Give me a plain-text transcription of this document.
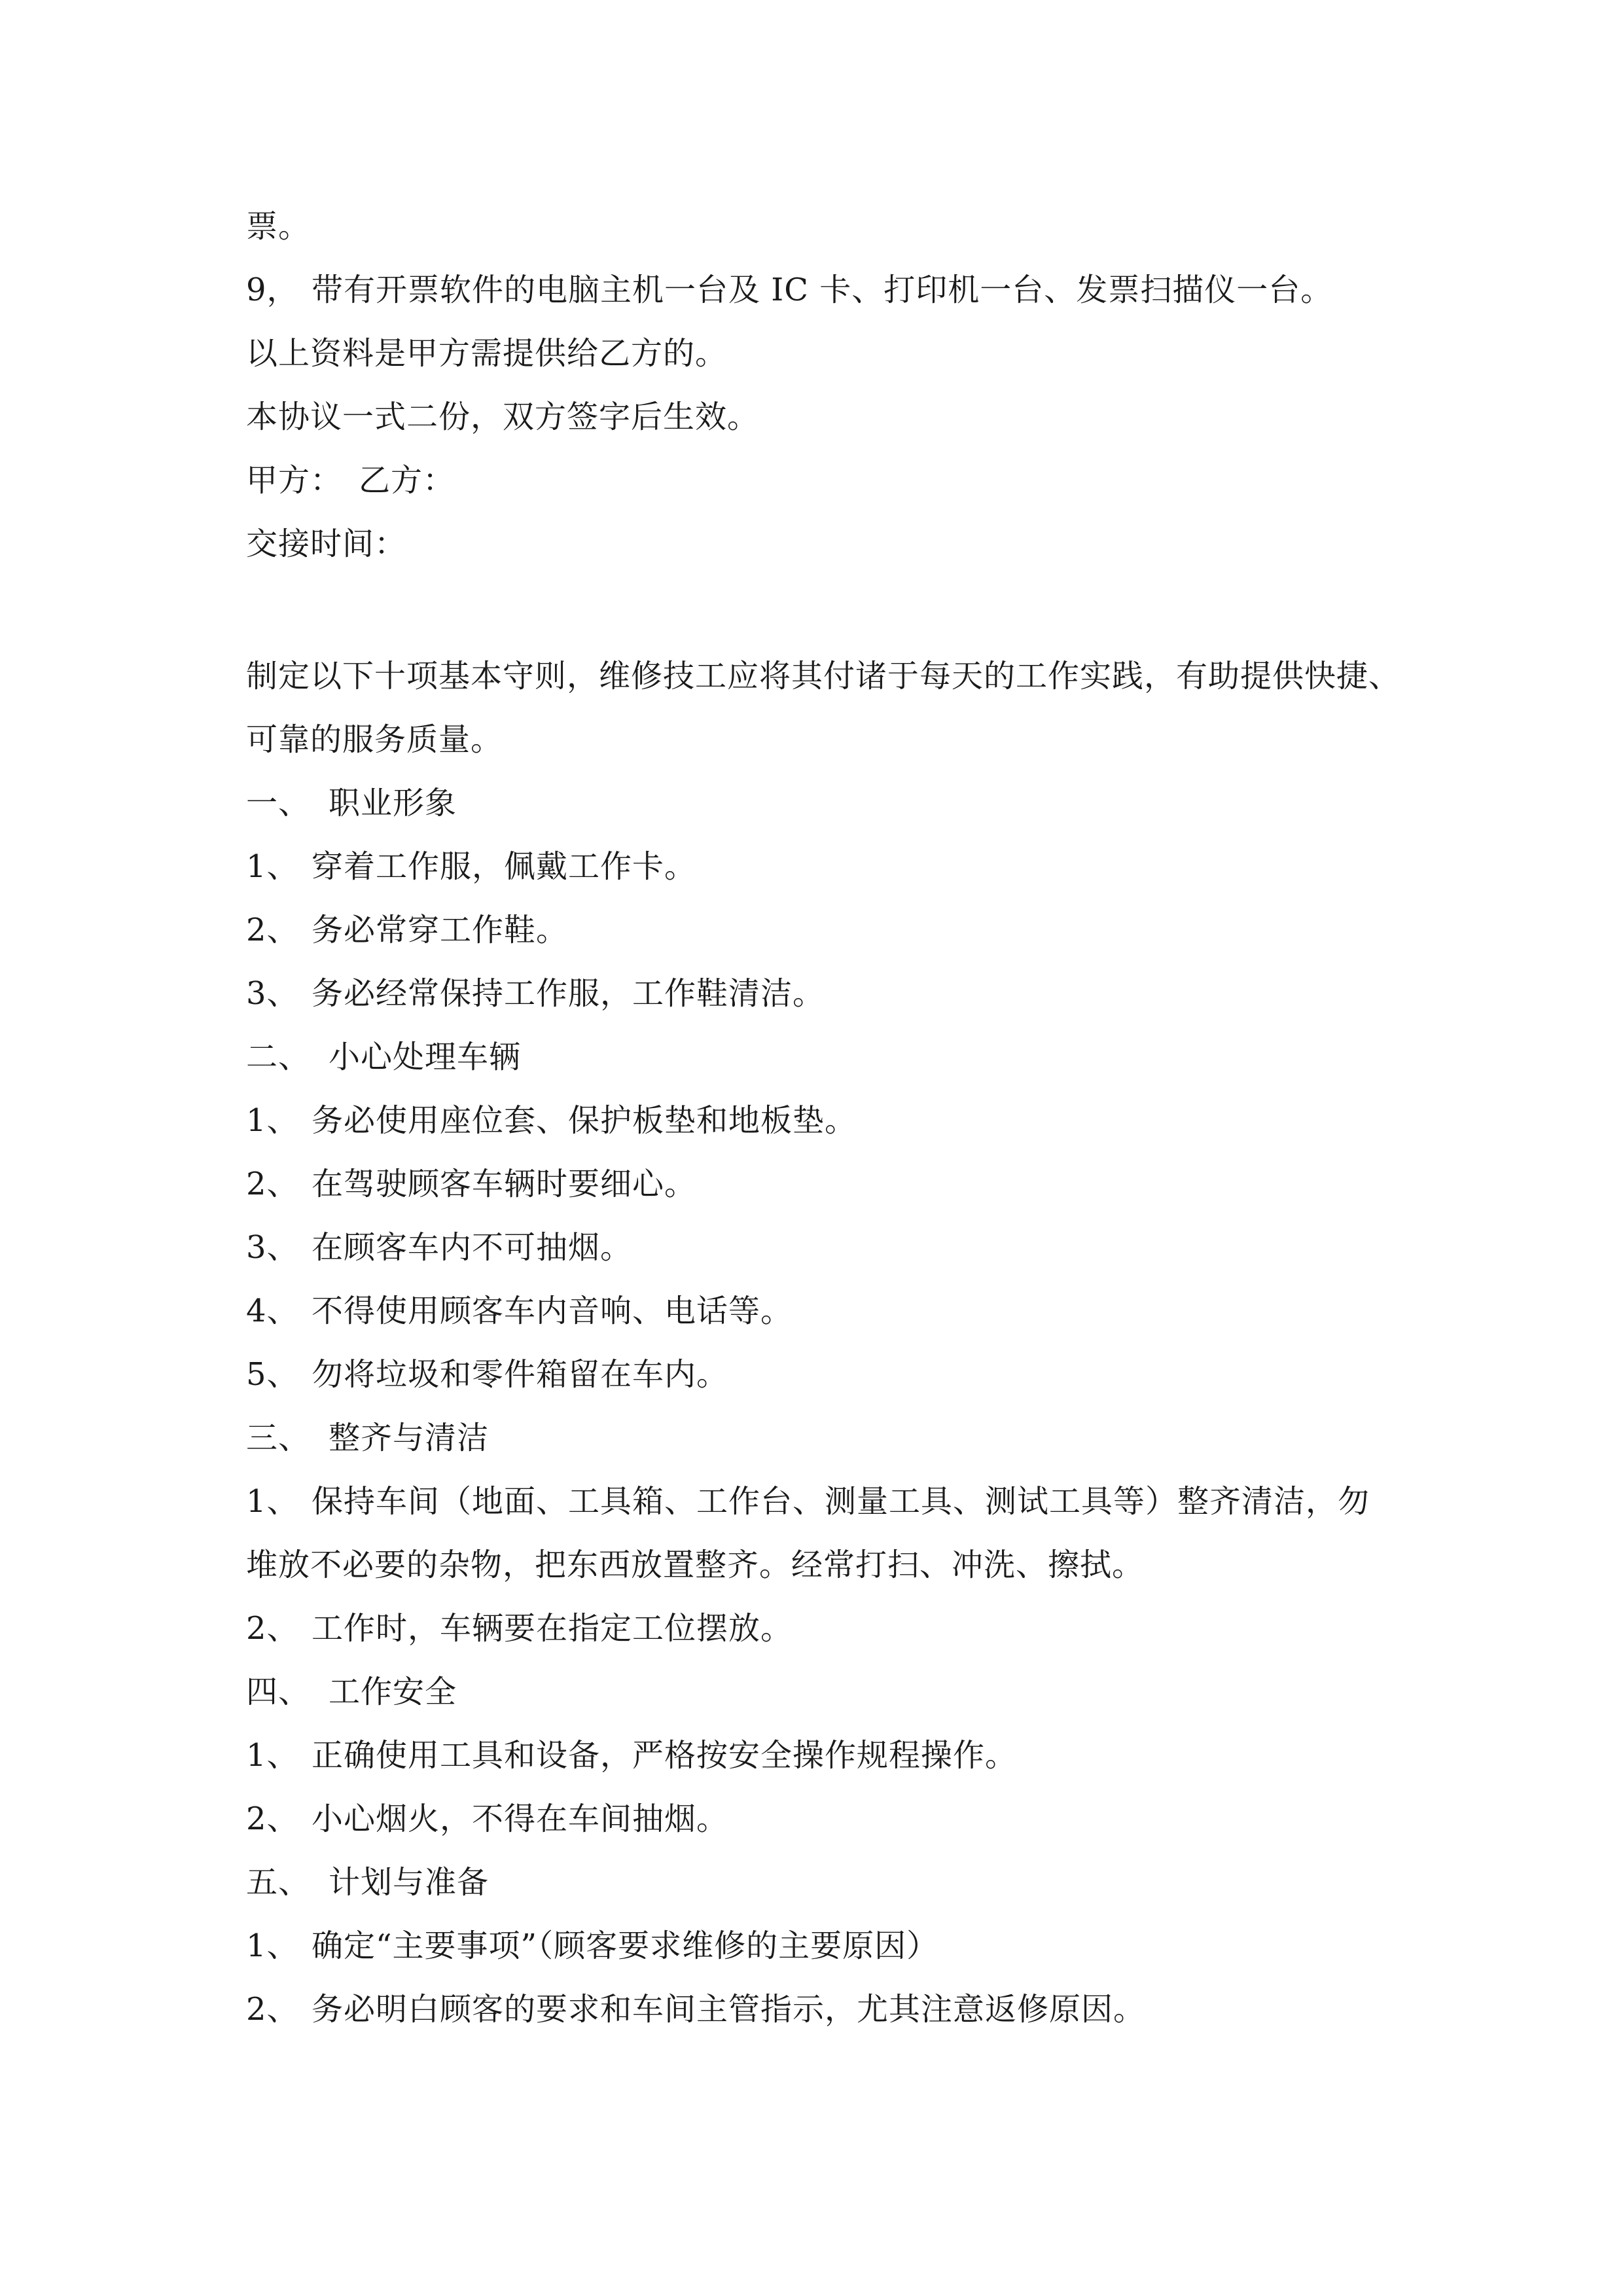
票。
9， 带有开票软件的电脑主机一台及 IC 卡、打印机一台、发票扫描仪一台。
以上资料是甲方需提供给乙方的。
本协议一式二份，双方签字后生效。
甲方：　乙方：
交接时间：
制定以下十项基本守则，维修技工应将其付诸于每天的工作实践，有助提供快捷、
可靠的服务质量。
一、 职业形象
1、 穿着工作服，佩戴工作卡。
2、 务必常穿工作鞋。
3、 务必经常保持工作服，工作鞋清洁。
二、 小心处理车辆
1、 务必使用座位套、保护板垫和地板垫。
2、 在驾驶顾客车辆时要细心。
3、 在顾客车内不可抽烟。
4、 不得使用顾客车内音响、电话等。
5、 勿将垃圾和零件箱留在车内。
三、 整齐与清洁
1、 保持车间（地面、工具箱、工作台、测量工具、测试工具等）整齐清洁，勿
堆放不必要的杂物，把东西放置整齐。经常打扫、冲洗、擦拭。
2、 工作时，车辆要在指定工位摆放。
四、 工作安全
1、 正确使用工具和设备，严格按安全操作规程操作。
2、 小心烟火，不得在车间抽烟。
五、 计划与准备
1、 确定“主要事项”（顾客要求维修的主要原因）
2、 务必明白顾客的要求和车间主管指示，尤其注意返修原因。
